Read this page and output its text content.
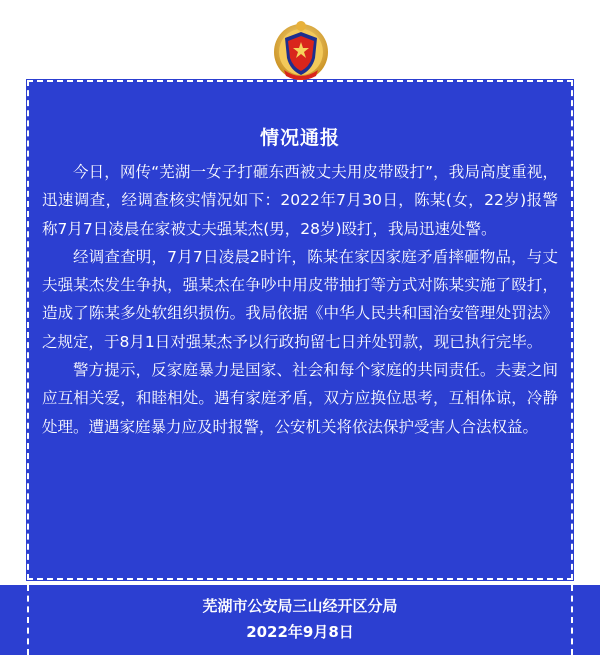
情况通报

今日，网传“芜湖一女子打砸东西被丈夫用皮带殴打”，我局高度重视，迅速调查，经调查核实情况如下：2022年7月30日，陈某(女，22岁)报警称7月7日凌晨在家被丈夫强某杰(男，28岁)殴打，我局迅速处警。

经调查查明，7月7日凌晨2时许，陈某在家因家庭矛盾摔砸物品，与丈夫强某杰发生争执，强某杰在争吵中用皮带抽打等方式对陈某实施了殴打，造成了陈某多处软组织损伤。我局依据《中华人民共和国治安管理处罚法》之规定，于8月1日对强某杰予以行政拘留七日并处罚款，现已执行完毕。

警方提示，反家庭暴力是国家、社会和每个家庭的共同责任。夫妻之间应互相关爱，和睦相处。遇有家庭矛盾，双方应换位思考，互相体谅，冷静处理。遭遇家庭暴力应及时报警，公安机关将依法保护受害人合法权益。

芜湖市公安局三山经开区分局

2022年9月8日
